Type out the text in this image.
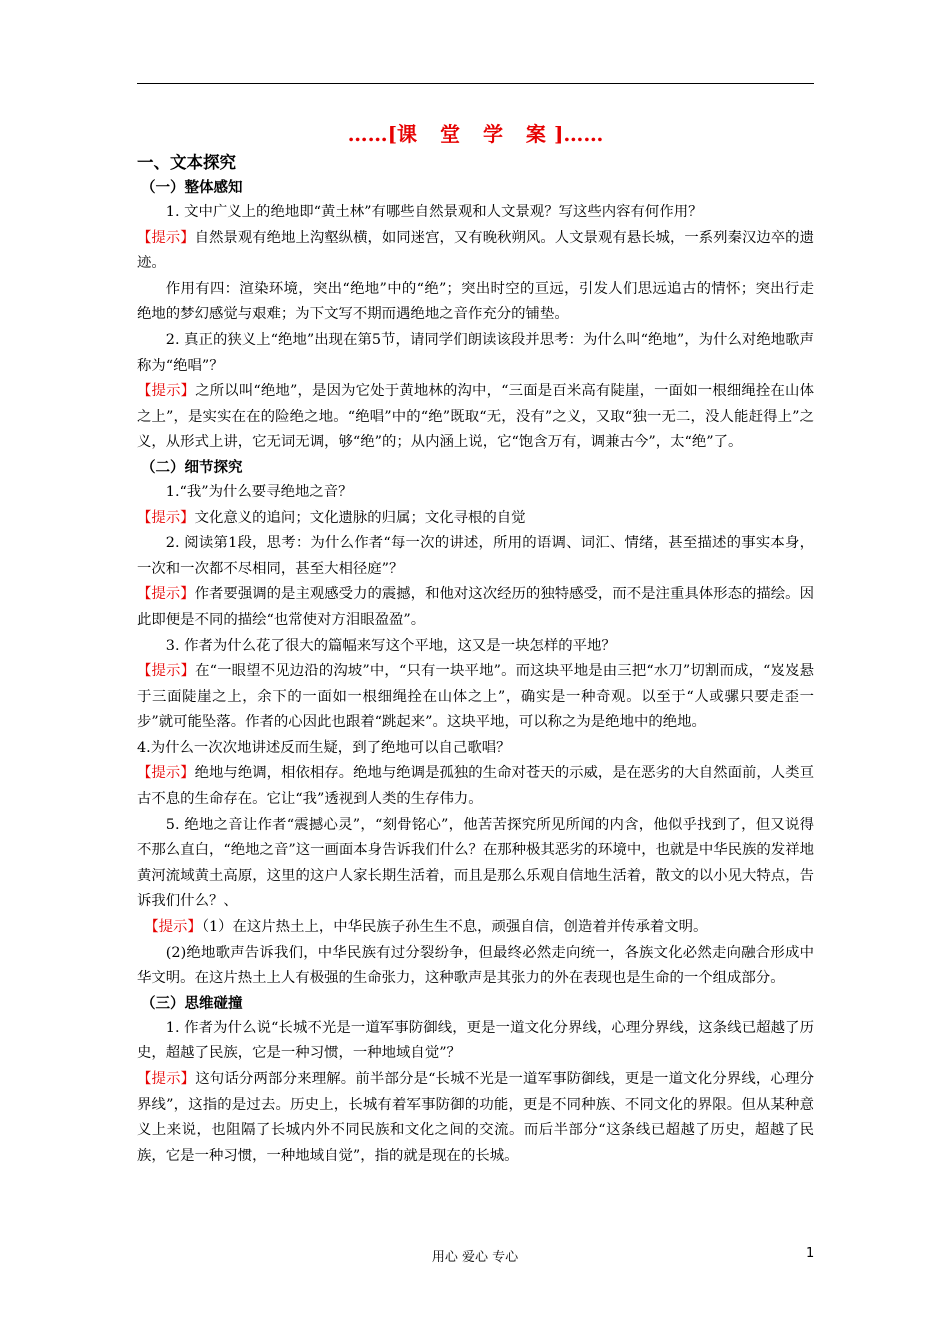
……[课 堂 学 案]……
一、文本探究
（一）整体感知

1. 文中广义上的绝地即“黄土林”有哪些自然景观和人文景观？写这些内容有何作用？

【提示】自然景观有绝地上沟壑纵横，如同迷宫，又有晚秋朔风。人文景观有悬长城，一系列秦汉边卒的遗迹。

作用有四：渲染环境，突出“绝地”中的“绝”；突出时空的亘远，引发人们思远追古的情怀；突出行走绝地的梦幻感觉与艰难；为下文写不期而遇绝地之音作充分的铺垫。

2. 真正的狭义上“绝地”出现在第5节，请同学们朗读该段并思考：为什么叫“绝地”，为什么对绝地歌声称为“绝唱”？

【提示】之所以叫“绝地”，是因为它处于黄地林的沟中，“三面是百米高有陡崖，一面如一根细绳拴在山体之上”，是实实在在的险绝之地。“绝唱”中的“绝”既取“无，没有”之义，又取“独一无二，没人能赶得上”之义，从形式上讲，它无词无调，够“绝”的；从内涵上说，它“饱含万有，调兼古今”，太“绝”了。

（二）细节探究

1.“我”为什么要寻绝地之音？

【提示】文化意义的追问；文化遗脉的归属；文化寻根的自觉

2. 阅读第1段，思考：为什么作者“每一次的讲述，所用的语调、词汇、情绪，甚至描述的事实本身，一次和一次都不尽相同，甚至大相径庭”？

【提示】作者要强调的是主观感受力的震撼，和他对这次经历的独特感受，而不是注重具体形态的描绘。因此即便是不同的描绘“也常使对方泪眼盈盈”。

3. 作者为什么花了很大的篇幅来写这个平地，这又是一块怎样的平地？

【提示】在“一眼望不见边沿的沟坡”中，“只有一块平地”。而这块平地是由三把“水刀”切割而成，“岌岌悬于三面陡崖之上，余下的一面如一根细绳拴在山体之上”，确实是一种奇观。以至于“人或骡只要走歪一步”就可能坠落。作者的心因此也跟着“跳起来”。这块平地，可以称之为是绝地中的绝地。

4.为什么一次次地讲述反而生疑，到了绝地可以自己歌唱？

【提示】绝地与绝调，相依相存。绝地与绝调是孤独的生命对苍天的示威，是在恶劣的大自然面前，人类亘古不息的生命存在。它让“我”透视到人类的生存伟力。

5. 绝地之音让作者“震撼心灵”，“刻骨铭心”，他苦苦探究所见所闻的内含，他似乎找到了，但又说得不那么直白，“绝地之音”这一画面本身告诉我们什么？在那种极其恶劣的环境中，也就是中华民族的发祥地黄河流域黄土高原，这里的这户人家长期生活着，而且是那么乐观自信地生活着，散文的以小见大特点，告诉我们什么？、

【提示】（1）在这片热土上，中华民族子孙生生不息，顽强自信，创造着并传承着文明。

(2)绝地歌声告诉我们，中华民族有过分裂纷争，但最终必然走向统一，各族文化必然走向融合形成中华文明。在这片热土上人有极强的生命张力，这种歌声是其张力的外在表现也是生命的一个组成部分。

（三）思维碰撞

1. 作者为什么说“长城不光是一道军事防御线，更是一道文化分界线，心理分界线，这条线已超越了历史，超越了民族，它是一种习惯，一种地域自觉”？

【提示】这句话分两部分来理解。前半部分是“长城不光是一道军事防御线，更是一道文化分界线，心理分界线”，这指的是过去。历史上，长城有着军事防御的功能，更是不同种族、不同文化的界限。但从某种意义上来说，也阻隔了长城内外不同民族和文化之间的交流。而后半部分“这条线已超越了历史，超越了民族，它是一种习惯，一种地域自觉”，指的就是现在的长城。

用心 爱心 专心	1
